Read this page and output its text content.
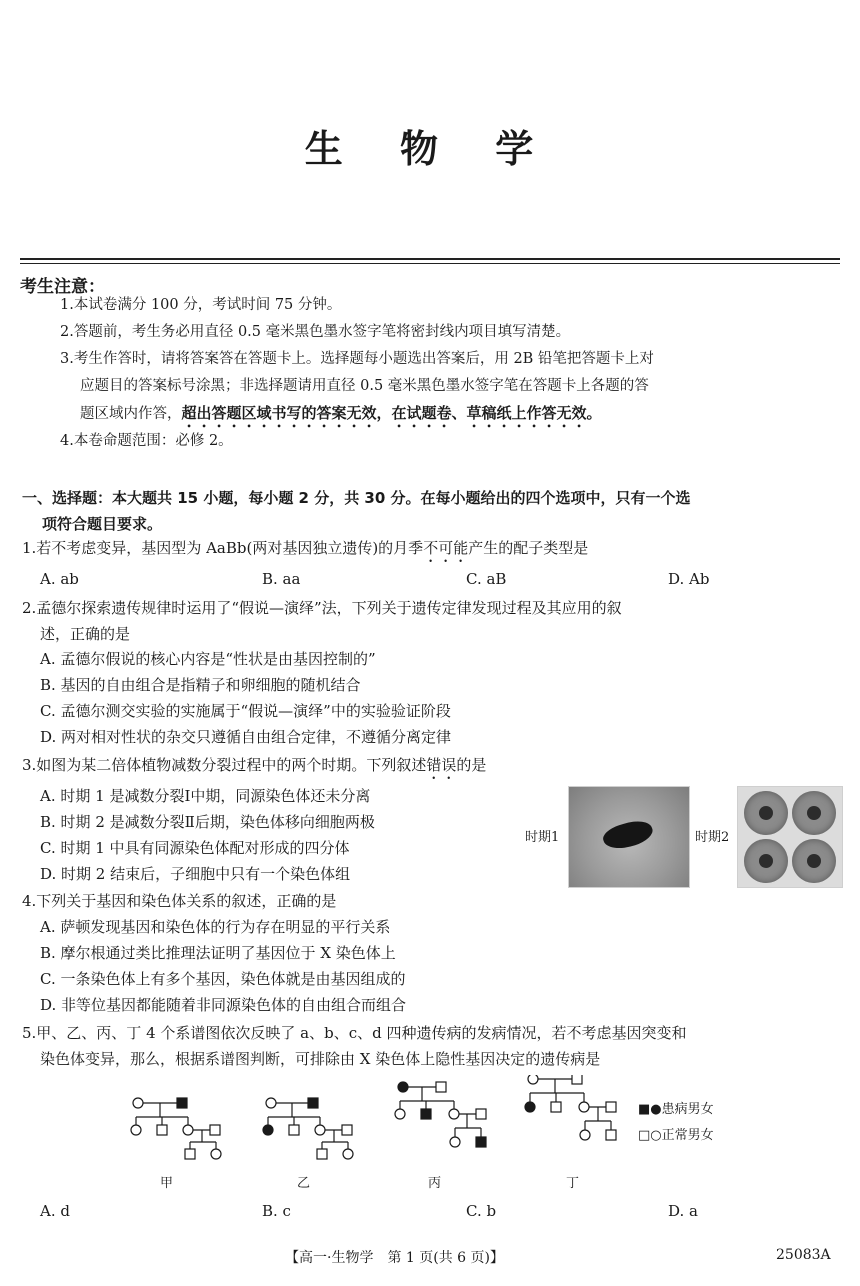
生 物 学
考生注意：
1.本试卷满分 100 分，考试时间 75 分钟。
2.答题前，考生务必用直径 0.5 毫米黑色墨水签字笔将密封线内项目填写清楚。
3.考生作答时，请将答案答在答题卡上。选择题每小题选出答案后，用 2B 铅笔把答题卡上对
应题目的答案标号涂黑；非选择题请用直径 0.5 毫米黑色墨水签字笔在答题卡上各题的答
题区域内作答，超出答题区域书写的答案无效，在试题卷、草稿纸上作答无效。
4.本卷命题范围：必修 2。
一、选择题：本大题共 15 小题，每小题 2 分，共 30 分。在每小题给出的四个选项中，只有一个选
项符合题目要求。
1.若不考虑变异，基因型为 AaBb(两对基因独立遗传)的月季不可能产生的配子类型是
A. ab	B. aa	C. aB	D. Ab
2.孟德尔探索遗传规律时运用了“假说—演绎”法，下列关于遗传定律发现过程及其应用的叙
述，正确的是
A. 孟德尔假说的核心内容是“性状是由基因控制的”
B. 基因的自由组合是指精子和卵细胞的随机结合
C. 孟德尔测交实验的实施属于“假说—演绎”中的实验验证阶段
D. 两对相对性状的杂交只遵循自由组合定律，不遵循分离定律
3.如图为某二倍体植物减数分裂过程中的两个时期。下列叙述错误的是
A. 时期 1 是减数分裂Ⅰ中期，同源染色体还未分离
B. 时期 2 是减数分裂Ⅱ后期，染色体移向细胞两极
C. 时期 1 中具有同源染色体配对形成的四分体
D. 时期 2 结束后，子细胞中只有一个染色体组
时期1	时期2
4.下列关于基因和染色体关系的叙述，正确的是
A. 萨顿发现基因和染色体的行为存在明显的平行关系
B. 摩尔根通过类比推理法证明了基因位于 X 染色体上
C. 一条染色体上有多个基因，染色体就是由基因组成的
D. 非等位基因都能随着非同源染色体的自由组合而组合
5.甲、乙、丙、丁 4 个系谱图依次反映了 a、b、c、d 四种遗传病的发病情况，若不考虑基因突变和
染色体变异，那么，根据系谱图判断，可排除由 X 染色体上隐性基因决定的遗传病是
■●患病男女
□○正常男女
甲	乙	丙	丁
A. d	B. c	C. b	D. a
【高一·生物学　第 1 页(共 6 页)】	25083A
